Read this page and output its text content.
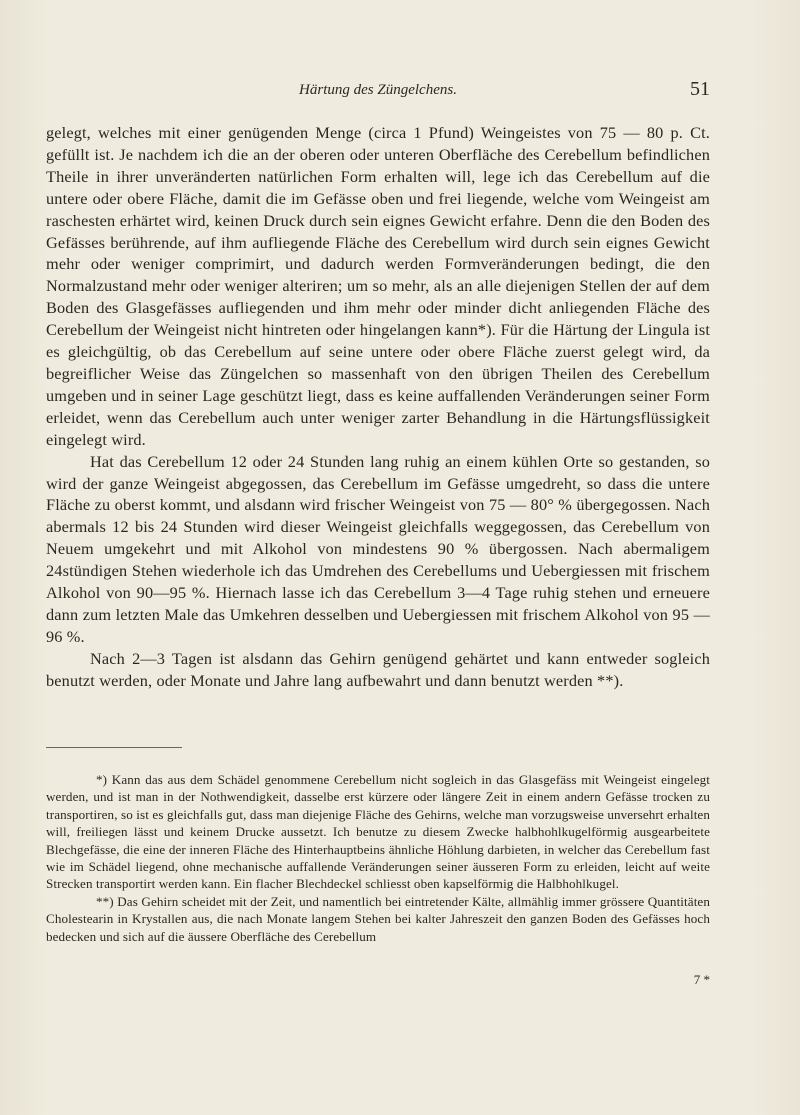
Härtung des Züngelchens.	51

gelegt, welches mit einer genügenden Menge (circa 1 Pfund) Weingeistes von 75 — 80 p. Ct. gefüllt ist. Je nachdem ich die an der oberen oder unteren Oberfläche des Cerebellum befindlichen Theile in ihrer unveränderten natürlichen Form erhalten will, lege ich das Cerebellum auf die untere oder obere Fläche, damit die im Gefässe oben und frei liegende, welche vom Weingeist am raschesten erhärtet wird, keinen Druck durch sein eignes Gewicht erfahre. Denn die den Boden des Gefässes berührende, auf ihm aufliegende Fläche des Cerebellum wird durch sein eignes Gewicht mehr oder weniger comprimirt, und dadurch werden Formveränderungen bedingt, die den Normalzustand mehr oder weniger alteriren; um so mehr, als an alle diejenigen Stellen der auf dem Boden des Glasgefässes aufliegenden und ihm mehr oder minder dicht anliegenden Fläche des Cerebellum der Weingeist nicht hintreten oder hingelangen kann*). Für die Härtung der Lingula ist es gleichgültig, ob das Cerebellum auf seine untere oder obere Fläche zuerst gelegt wird, da begreiflicher Weise das Züngelchen so massenhaft von den übrigen Theilen des Cerebellum umgeben und in seiner Lage geschützt liegt, dass es keine auffallenden Veränderungen seiner Form erleidet, wenn das Cerebellum auch unter weniger zarter Behandlung in die Härtungsflüssigkeit eingelegt wird.

Hat das Cerebellum 12 oder 24 Stunden lang ruhig an einem kühlen Orte so gestanden, so wird der ganze Weingeist abgegossen, das Cerebellum im Gefässe umgedreht, so dass die untere Fläche zu oberst kommt, und alsdann wird frischer Weingeist von 75 — 80° % übergegossen. Nach abermals 12 bis 24 Stunden wird dieser Weingeist gleichfalls weggegossen, das Cerebellum von Neuem umgekehrt und mit Alkohol von mindestens 90 % übergossen. Nach abermaligem 24stündigen Stehen wiederhole ich das Umdrehen des Cerebellums und Uebergiessen mit frischem Alkohol von 90—95 %. Hiernach lasse ich das Cerebellum 3—4 Tage ruhig stehen und erneuere dann zum letzten Male das Umkehren desselben und Uebergiessen mit frischem Alkohol von 95 — 96 %.

Nach 2—3 Tagen ist alsdann das Gehirn genügend gehärtet und kann entweder sogleich benutzt werden, oder Monate und Jahre lang aufbewahrt und dann benutzt werden **).

*) Kann das aus dem Schädel genommene Cerebellum nicht sogleich in das Glasgefäss mit Weingeist eingelegt werden, und ist man in der Nothwendigkeit, dasselbe erst kürzere oder längere Zeit in einem andern Gefässe trocken zu transportiren, so ist es gleichfalls gut, dass man diejenige Fläche des Gehirns, welche man vorzugsweise unversehrt erhalten will, freiliegen lässt und keinem Drucke aussetzt. Ich benutze zu diesem Zwecke halbhohlkugelförmig ausgearbeitete Blechgefässe, die eine der inneren Fläche des Hinterhauptbeins ähnliche Höhlung darbieten, in welcher das Cerebellum fast wie im Schädel liegend, ohne mechanische auffallende Veränderungen seiner äusseren Form zu erleiden, leicht auf weite Strecken transportirt werden kann. Ein flacher Blechdeckel schliesst oben kapselförmig die Halbhohlkugel.

**) Das Gehirn scheidet mit der Zeit, und namentlich bei eintretender Kälte, allmählig immer grössere Quantitäten Cholestearin in Krystallen aus, die nach Monate langem Stehen bei kalter Jahreszeit den ganzen Boden des Gefässes hoch bedecken und sich auf die äussere Oberfläche des Cerebellum

7 *
